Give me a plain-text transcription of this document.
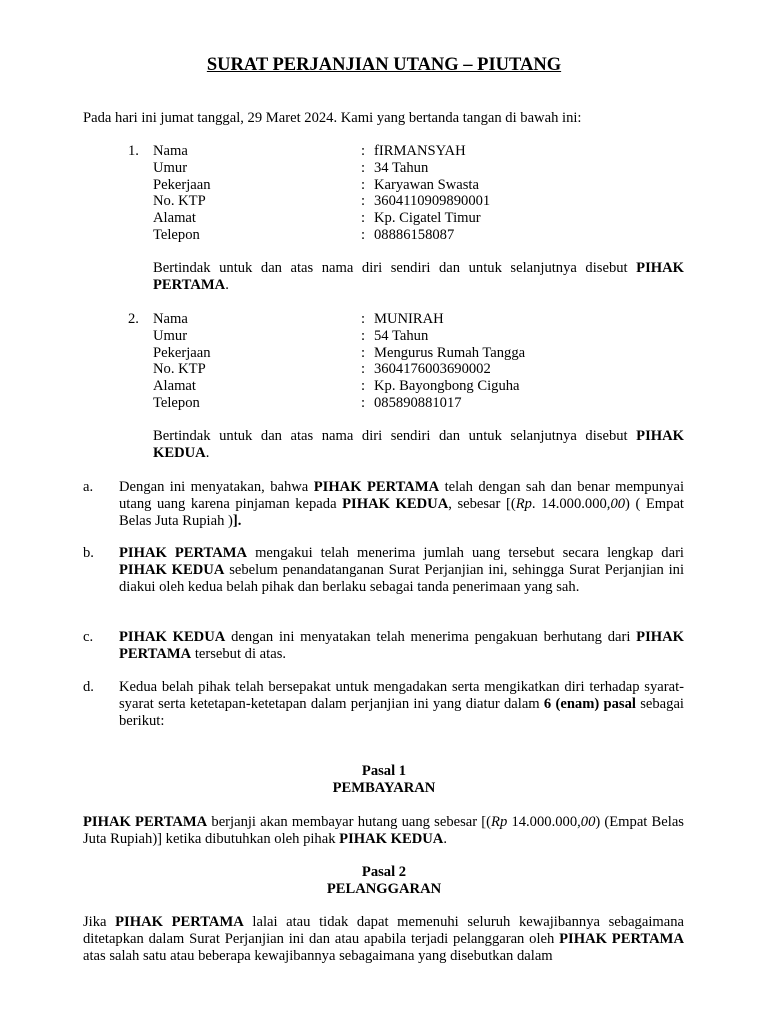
SURAT PERJANJIAN UTANG – PIUTANG
Pada hari ini jumat tanggal, 29 Maret 2024. Kami yang bertanda tangan di bawah ini:
1. Nama	: fIRMANSYAH
Umur	: 34 Tahun
Pekerjaan	: Karyawan Swasta
No. KTP	: 3604110909890001
Alamat	: Kp. Cigatel Timur
Telepon	: 08886158087
Bertindak untuk dan atas nama diri sendiri dan untuk selanjutnya disebut PIHAK PERTAMA.
2. Nama	: MUNIRAH
Umur	: 54 Tahun
Pekerjaan	: Mengurus Rumah Tangga
No. KTP	: 3604176003690002
Alamat	: Kp. Bayongbong Ciguha
Telepon	: 085890881017
Bertindak untuk dan atas nama diri sendiri dan untuk selanjutnya disebut PIHAK KEDUA.
a. Dengan ini menyatakan, bahwa PIHAK PERTAMA telah dengan sah dan benar mempunyai utang uang karena pinjaman kepada PIHAK KEDUA, sebesar [(Rp. 14.000.000,00) ( Empat Belas Juta Rupiah )].
b. PIHAK PERTAMA mengakui telah menerima jumlah uang tersebut secara lengkap dari PIHAK KEDUA sebelum penandatanganan Surat Perjanjian ini, sehingga Surat Perjanjian ini diakui oleh kedua belah pihak dan berlaku sebagai tanda penerimaan yang sah.
c. PIHAK KEDUA dengan ini menyatakan telah menerima pengakuan berhutang dari PIHAK PERTAMA tersebut di atas.
d. Kedua belah pihak telah bersepakat untuk mengadakan serta mengikatkan diri terhadap syarat-syarat serta ketetapan-ketetapan dalam perjanjian ini yang diatur dalam 6 (enam) pasal sebagai berikut:
Pasal 1
PEMBAYARAN
PIHAK PERTAMA berjanji akan membayar hutang uang sebesar [(Rp 14.000.000,00) (Empat Belas Juta Rupiah)] ketika dibutuhkan oleh pihak PIHAK KEDUA.
Pasal 2
PELANGGARAN
Jika PIHAK PERTAMA lalai atau tidak dapat memenuhi seluruh kewajibannya sebagaimana ditetapkan dalam Surat Perjanjian ini dan atau apabila terjadi pelanggaran oleh PIHAK PERTAMA atas salah satu atau beberapa kewajibannya sebagaimana yang disebutkan dalam
